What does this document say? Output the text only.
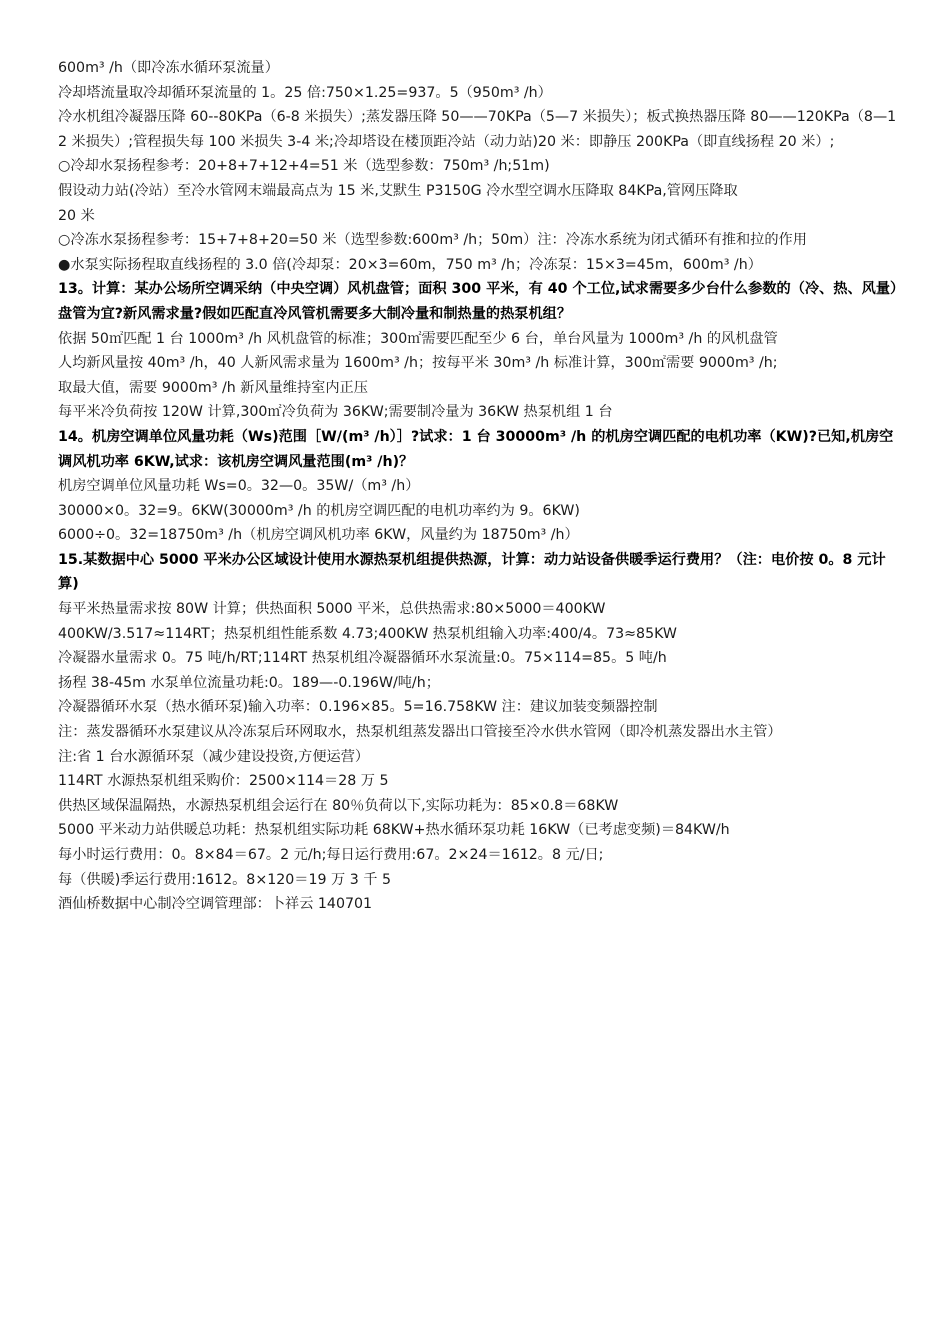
600m³ /h（即冷冻水循环泵流量）

冷却塔流量取冷却循环泵流量的 1。25 倍:750×1.25=937。5（950m³ /h）

冷水机组冷凝器压降 60--80KPa（6-8 米损失）;蒸发器压降 50——70KPa（5—7 米损失）；板式换热器压降 80——120KPa（8—12 米损失）;管程损失每 100 米损失 3-4 米;冷却塔设在楼顶距冷站（动力站)20 米：即静压 200KPa（即直线扬程 20 米）;

○冷却水泵扬程参考：20+8+7+12+4=51 米（选型参数：750m³ /h;51m)

假设动力站(冷站）至冷水管网末端最高点为 15 米,艾默生 P3150G 冷水型空调水压降取 84KPa,管网压降取

20 米

○冷冻水泵扬程参考：15+7+8+20=50 米（选型参数:600m³ /h；50m）注：冷冻水系统为闭式循环有推和拉的作用

●水泵实际扬程取直线扬程的 3.0 倍(冷却泵：20×3=60m，750 m³ /h；冷冻泵：15×3=45m，600m³ /h）

13。计算：某办公场所空调采纳（中央空调）风机盘管；面积 300 平米，有 40 个工位,试求需要多少台什么参数的（冷、热、风量）盘管为宜?新风需求量?假如匹配直冷风管机需要多大制冷量和制热量的热泵机组？

依据 50㎡匹配 1 台 1000m³ /h 风机盘管的标准；300㎡需要匹配至少 6 台，单台风量为 1000m³ /h 的风机盘管

人均新风量按 40m³ /h，40 人新风需求量为 1600m³ /h；按每平米 30m³ /h 标准计算，300㎡需要 9000m³ /h;

取最大值，需要 9000m³ /h 新风量维持室内正压

每平米冷负荷按 120W 计算,300㎡冷负荷为 36KW;需要制冷量为 36KW 热泵机组 1 台

14。机房空调单位风量功耗（Ws)范围［W/(m³ /h）］?试求：1 台 30000m³ /h 的机房空调匹配的电机功率（KW)?已知,机房空调风机功率 6KW,试求：该机房空调风量范围(m³ /h)？

机房空调单位风量功耗 Ws=0。32—0。35W/（m³ /h）

30000×0。32=9。6KW(30000m³ /h 的机房空调匹配的电机功率约为 9。6KW)

6000÷0。32=18750m³ /h（机房空调风机功率 6KW，风量约为 18750m³ /h）

15.某数据中心 5000 平米办公区域设计使用水源热泵机组提供热源，计算：动力站设备供暖季运行费用？（注：电价按 0。8 元计算)

每平米热量需求按 80W 计算；供热面积 5000 平米，总供热需求:80×5000＝400KW

400KW/3.517≈114RT；热泵机组性能系数 4.73;400KW 热泵机组输入功率:400/4。73≈85KW

冷凝器水量需求 0。75 吨/h/RT;114RT 热泵机组冷凝器循环水泵流量:0。75×114=85。5 吨/h

扬程 38-45m 水泵单位流量功耗:0。189—-0.196W/吨/h；

冷凝器循环水泵（热水循环泵)输入功率：0.196×85。5=16.758KW 注：建议加装变频器控制

注：蒸发器循环水泵建议从冷冻泵后环网取水，热泵机组蒸发器出口管接至冷水供水管网（即冷机蒸发器出水主管）

注:省 1 台水源循环泵（减少建设投资,方便运营）

114RT 水源热泵机组采购价：2500×114＝28 万 5

供热区域保温隔热，水源热泵机组会运行在 80％负荷以下,实际功耗为：85×0.8＝68KW

5000 平米动力站供暖总功耗：热泵机组实际功耗 68KW+热水循环泵功耗 16KW（已考虑变频)＝84KW/h

每小时运行费用：0。8×84＝67。2 元/h;每日运行费用:67。2×24＝1612。8 元/日;

每（供暖)季运行费用:1612。8×120＝19 万 3 千 5

酒仙桥数据中心制冷空调管理部：卜祥云 140701
